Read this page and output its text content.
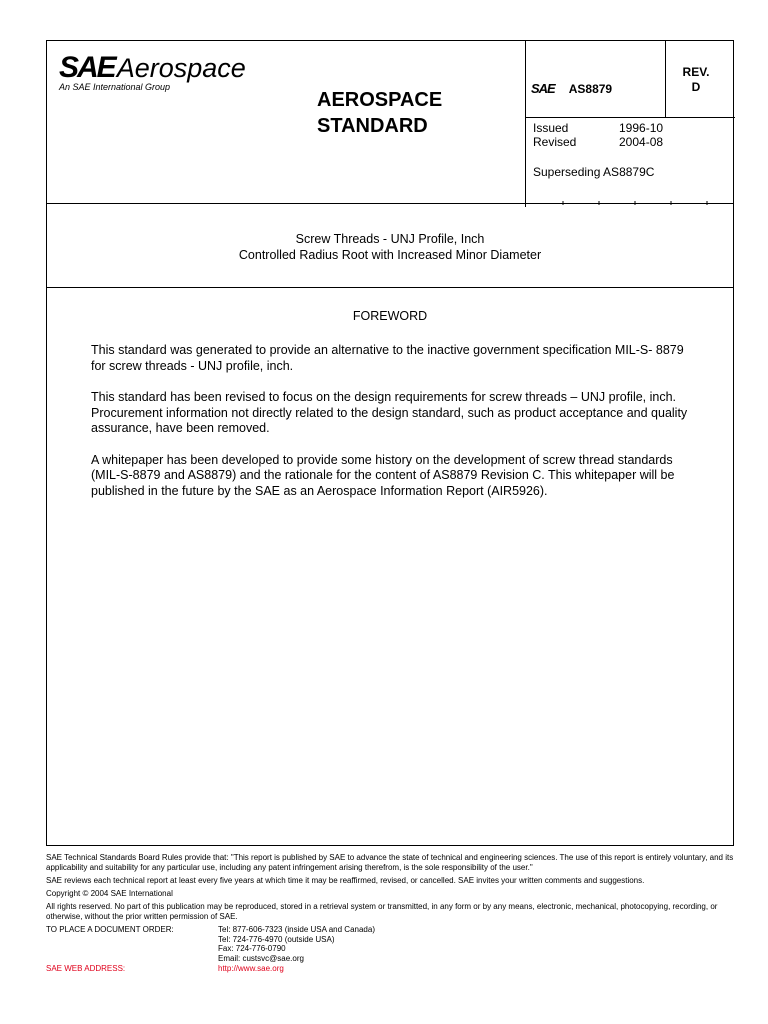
SAE Aerospace
An SAE International Group
AEROSPACE
STANDARD
SAE AS8879
REV.
D
Issued	1996-10
Revised	2004-08
Superseding AS8879C
Screw Threads - UNJ Profile, Inch
Controlled Radius Root with Increased Minor Diameter
FOREWORD

This standard was generated to provide an alternative to the inactive government specification MIL-S- 8879 for screw threads - UNJ profile, inch.

This standard has been revised to focus on the design requirements for screw threads – UNJ profile, inch. Procurement information not directly related to the design standard, such as product acceptance and quality assurance, have been removed.

A whitepaper has been developed to provide some history on the development of screw thread standards (MIL-S-8879 and AS8879) and the rationale for the content of AS8879 Revision C. This whitepaper will be published in the future by the SAE as an Aerospace Information Report (AIR5926).

SAE Technical Standards Board Rules provide that: "This report is published by SAE to advance the state of technical and engineering sciences. The use of this report is entirely voluntary, and its applicability and suitability for any particular use, including any patent infringement arising therefrom, is the sole responsibility of the user."

SAE reviews each technical report at least every five years at which time it may be reaffirmed, revised, or cancelled. SAE invites your written comments and suggestions.

Copyright © 2004 SAE International

All rights reserved. No part of this publication may be reproduced, stored in a retrieval system or transmitted, in any form or by any means, electronic, mechanical, photocopying, recording, or otherwise, without the prior written permission of SAE.

TO PLACE A DOCUMENT ORDER:	Tel: 877-606-7323 (inside USA and Canada)
Tel: 724-776-4970 (outside USA)
Fax: 724-776-0790
Email: custsvc@sae.org
SAE WEB ADDRESS:	http://www.sae.org
